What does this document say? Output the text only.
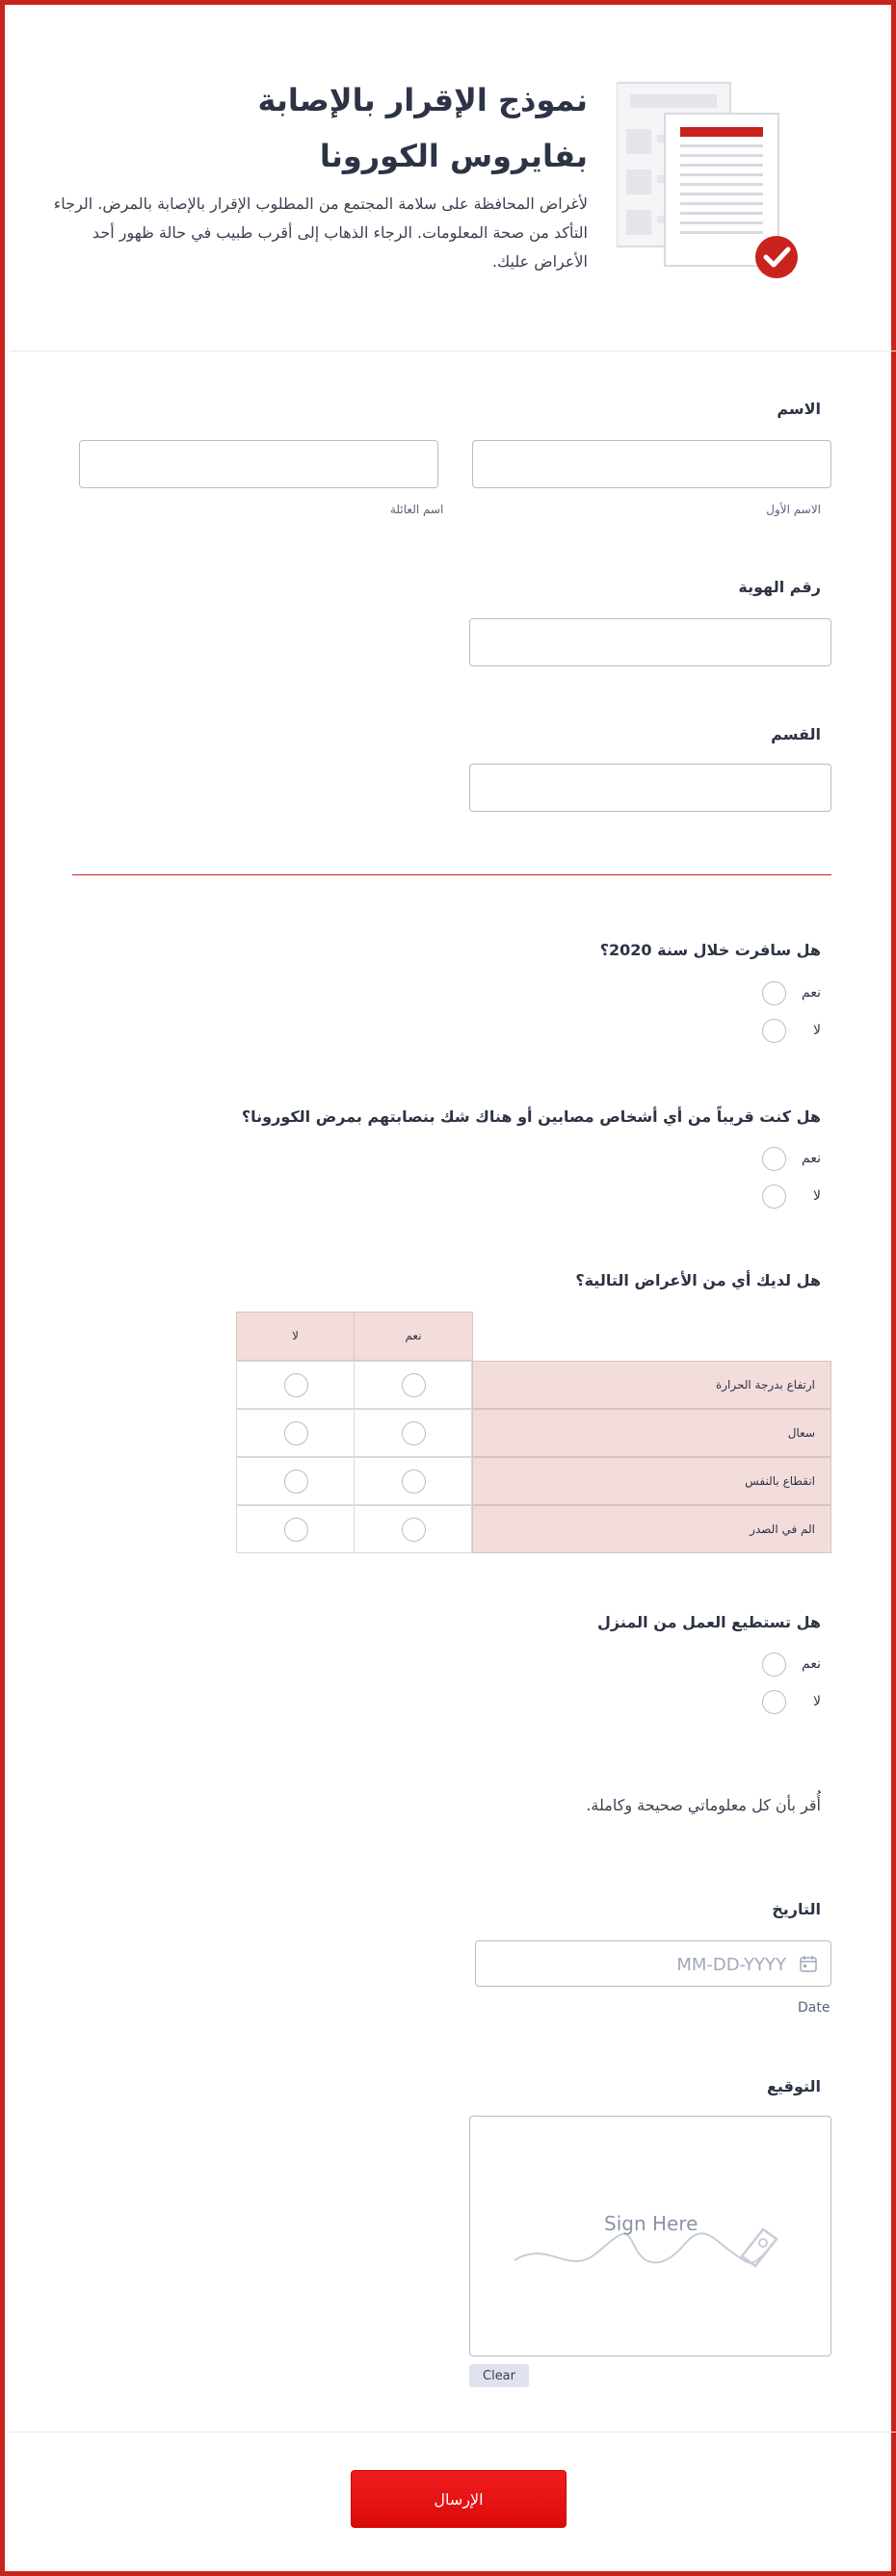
نموذج الإقرار بالإصابة بفايروس الكورونا
لأغراض المحافظة على سلامة المجتمع من المطلوب الإقرار بالإصابة بالمرض. الرجاء التأكد من صحة المعلومات. الرجاء الذهاب إلى أقرب طبيب في حالة ظهور أحد الأعراض عليك.
الاسم
الاسم الأول
اسم العائلة
رقم الهوية
القسم
هل سافرت خلال سنة 2020؟
نعم
لا
هل كنت قريباً من أي أشخاص مصابين أو هناك شك بنصابتهم بمرض الكورونا؟
نعم
لا
هل لديك أي من الأعراض التالية؟
نعم
لا
ارتفاع بدرجة الحرارة
سعال
انقطاع بالنفس
الم في الصدر
هل تستطيع العمل من المنزل
نعم
لا
أُقر بأن كل معلوماتي صحيحة وكاملة.
التاريخ
MM-DD-YYYY
Date
التوقيع
Sign Here
Clear
الإرسال
